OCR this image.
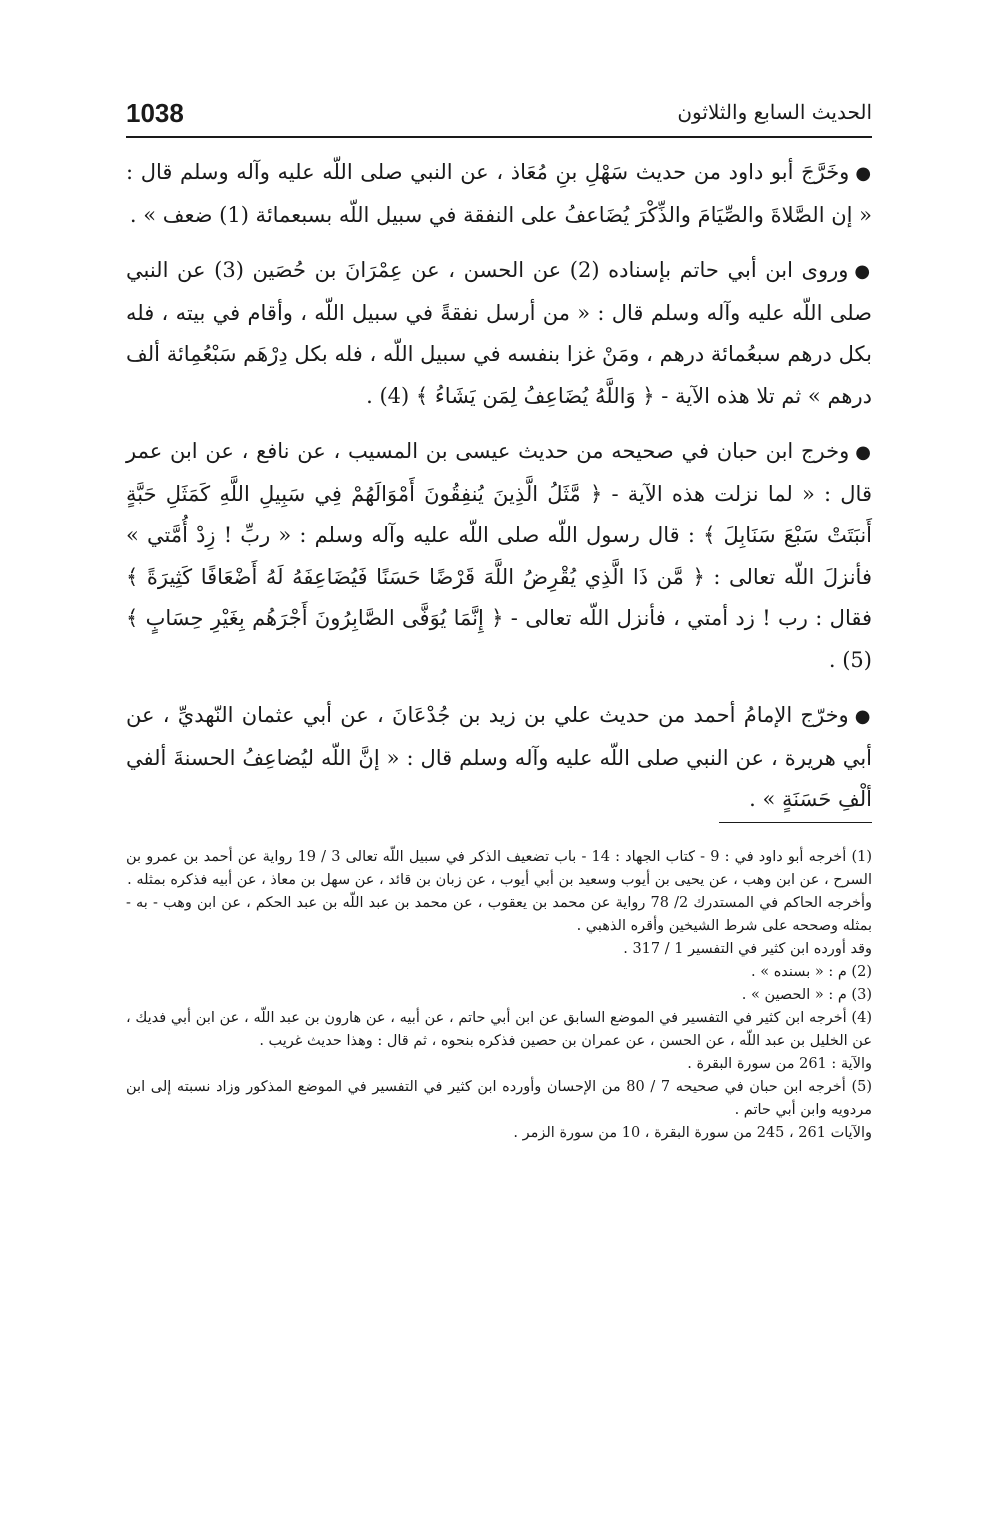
1038	الحديث السابع والثلاثون

●وخَرَّجَ أبو داود من حديث سَهْلِ بنِ مُعَاذ ، عن النبي صلى اللّه عليه وآله وسلم قال : « إن الصَّلاةَ والصِّيَامَ والذِّكْرَ يُضَاعفُ على النفقة في سبيل اللّه بسبعمائة (1) ضعف » .

●وروى ابن أبي حاتم بإسناده (2) عن الحسن ، عن عِمْرَانَ بن حُصَين (3) عن النبي صلى اللّه عليه وآله وسلم قال : « من أرسل نفقةً في سبيل اللّه ، وأقام في بيته ، فله بكل درهم سبعُمائة درهم ، ومَنْ غزا بنفسه في سبيل اللّه ، فله بكل دِرْهَم سَبْعُمِائة ألف درهم » ثم تلا هذه الآية - ﴿ وَاللَّهُ يُضَاعِفُ لِمَن يَشَاءُ ﴾ (4) .

●وخرج ابن حبان في صحيحه من حديث عيسى بن المسيب ، عن نافع ، عن ابن عمر قال : « لما نزلت هذه الآية - ﴿ مَّثَلُ الَّذِينَ يُنفِقُونَ أَمْوَالَهُمْ فِي سَبِيلِ اللَّهِ كَمَثَلِ حَبَّةٍ أَنبَتَتْ سَبْعَ سَنَابِلَ ﴾ : قال رسول اللّه صلى اللّه عليه وآله وسلم : « ربِّ ! زِدْ أُمَّتي » فأنزلَ اللّه تعالى : ﴿ مَّن ذَا الَّذِي يُقْرِضُ اللَّهَ قَرْضًا حَسَنًا فَيُضَاعِفَهُ لَهُ أَضْعَافًا كَثِيرَةً ﴾ فقال : رب ! زد أمتي ، فأنزل اللّه تعالى - ﴿ إِنَّمَا يُوَفَّى الصَّابِرُونَ أَجْرَهُم بِغَيْرِ حِسَابٍ ﴾ (5) .

●وخرّج الإمامُ أحمد من حديث علي بن زيد بن جُدْعَانَ ، عن أبي عثمان النّهديِّ ، عن أبي هريرة ، عن النبي صلى اللّه عليه وآله وسلم قال : « إنَّ اللّه ليُضاعِفُ الحسنةَ ألفي ألْفِ حَسَنَةٍ » .

(1) أخرجه أبو داود في : 9 - كتاب الجهاد : 14 - باب تضعيف الذكر في سبيل اللّه تعالى 3 / 19 رواية عن أحمد بن عمرو بن السرح ، عن ابن وهب ، عن يحيى بن أيوب وسعيد بن أبي أيوب ، عن زبان بن قائد ، عن سهل بن معاذ ، عن أبيه فذكره بمثله .

وأخرجه الحاكم في المستدرك 2/ 78 رواية عن محمد بن يعقوب ، عن محمد بن عبد اللّه بن عبد الحكم ، عن ابن وهب - به - بمثله وصححه على شرط الشيخين وأقره الذهبي .

وقد أورده ابن كثير في التفسير 1 / 317 .

(2) م : « بسنده » .

(3) م : « الحصين » .

(4) أخرجه ابن كثير في التفسير في الموضع السابق عن ابن أبي حاتم ، عن أبيه ، عن هارون بن عبد اللّه ، عن ابن أبي فديك ، عن الخليل بن عبد اللّه ، عن الحسن ، عن عمران بن حصين فذكره بنحوه ، ثم قال : وهذا حديث غريب .

والآية : 261 من سورة البقرة .

(5) أخرجه ابن حبان في صحيحه 7 / 80 من الإحسان وأورده ابن كثير في التفسير في الموضع المذكور وزاد نسبته إلى ابن مردويه وابن أبي حاتم .

والآيات 261 ، 245 من سورة البقرة ، 10 من سورة الزمر .
